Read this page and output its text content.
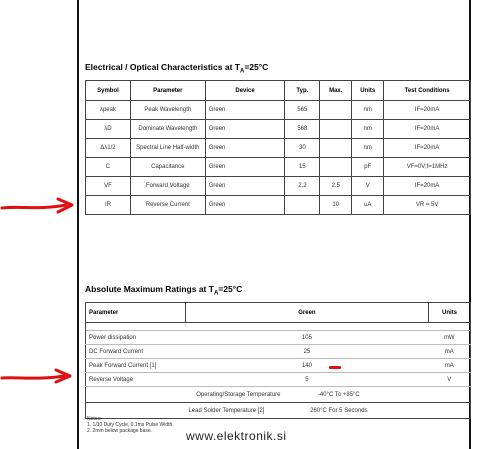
Electrical / Optical Characteristics at $T_A=25^\circ C$
Symbol	Parameter	Device	Typ.	Max.	Units	Test Conditions
λpeak	Peak Wavelength	Green	565		nm	IF=20mA
λD	Dominate Wavelength	Green	568		nm	IF=20mA
Δλ1/2	Spectral Line Half-width	Green	30		nm	IF=20mA
C	Capacitance	Green	15		pF	VF=0V;f=1MHz
VF	Forward Voltage	Green	2.2	2.5	V	IF=20mA
IR	Reverse Current	Green		10	uA	VR = 5V
Absolute Maximum Ratings at $T_A=25^\circ C$
Parameter	Green	Units

Power dissipation	105	mW
DC Forward Current	25	mA
Peak Forward Current [1]	140	mA
Reverse Voltage	5	V
Operating/Storage Temperature -40°C To +85°C		
Lead Solder Temperature [2] 260°C For 5 Seconds		
Notes:
1. 1/10 Duty Cycle, 0.1ms Pulse Width.
2. 2mm below package base.	www.elektronik.si
